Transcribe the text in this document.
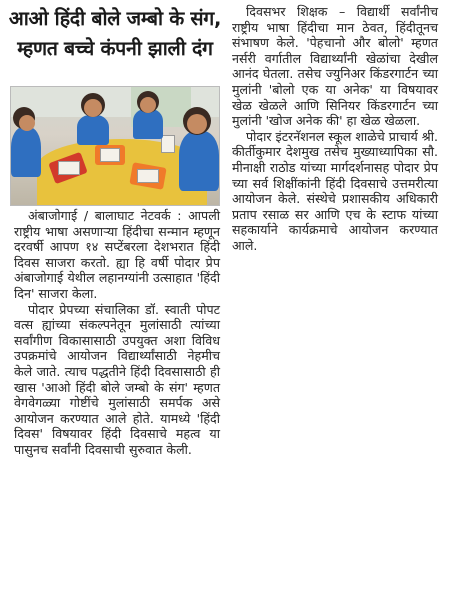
आओ हिंदी बोले जम्बो के संग,
म्हणत बच्चे कंपनी झाली दंग

अंबाजोगाई / बालाघाट नेटवर्क : आपली राष्ट्रीय भाषा असणाऱ्या हिंदीचा सन्मान म्हणून दरवर्षी आपण १४ सप्टेंबरला देशभरात हिंदी दिवस साजरा करतो. ह्या हि वर्षी पोदार प्रेप अंबाजोगाई येथील लहानग्यांनी उत्साहात 'हिंदी दिन' साजरा केला.

पोदार प्रेपच्या संचालिका डॉ. स्वाती पोपट वत्स ह्यांच्या संकल्पनेतून मुलांसाठी त्यांच्या सर्वांगीण विकासासाठी उपयुक्त अशा विविध उपक्रमांचे आयोजन विद्यार्थ्यांसाठी नेहमीच केले जाते. त्याच पद्धतीने हिंदी दिवसासाठी ही खास 'आओ हिंदी बोले जम्बो के संग' म्हणत वेगवेगळ्या गोष्टींचे मुलांसाठी समर्पक असे आयोजन करण्यात आले होते. यामध्ये 'हिंदी दिवस' विषयावर हिंदी दिवसाचे महत्व या पासुनच सर्वांनी दिवसाची सुरुवात केली.

दिवसभर शिक्षक – विद्यार्थी सर्वांनीच राष्ट्रीय भाषा हिंदीचा मान ठेवत, हिंदीतूनच संभाषण केले. 'पेहचानो और बोलो' म्हणत नर्सरी वर्गातील विद्यार्थ्यांनी खेळांचा देखील आनंद घेतला. तसेच ज्युनिअर किंडरगार्टन च्या मुलांनी 'बोलो एक या अनेक' या विषयावर खेळ खेळले आणि सिनियर किंडरगार्टन च्या मुलांनी 'खोज अनेक की' हा खेळ खेळला.

पोदार इंटरनॅशनल स्कूल शाळेचे प्राचार्य श्री. कीर्तीकुमार देशमुख तसेच मुख्याध्यापिका सौ. मीनाक्षी राठोड यांच्या मार्गदर्शनासह पोदार प्रेप च्या सर्व शिक्षींकांनी हिंदी दिवसाचे उत्तमरीत्या आयोजन केले. संस्थेचे प्रशासकीय अधिकारी प्रताप रसाळ सर आणि एच के स्टाफ यांच्या सहकार्याने कार्यक्रमाचे आयोजन करण्यात आले.
